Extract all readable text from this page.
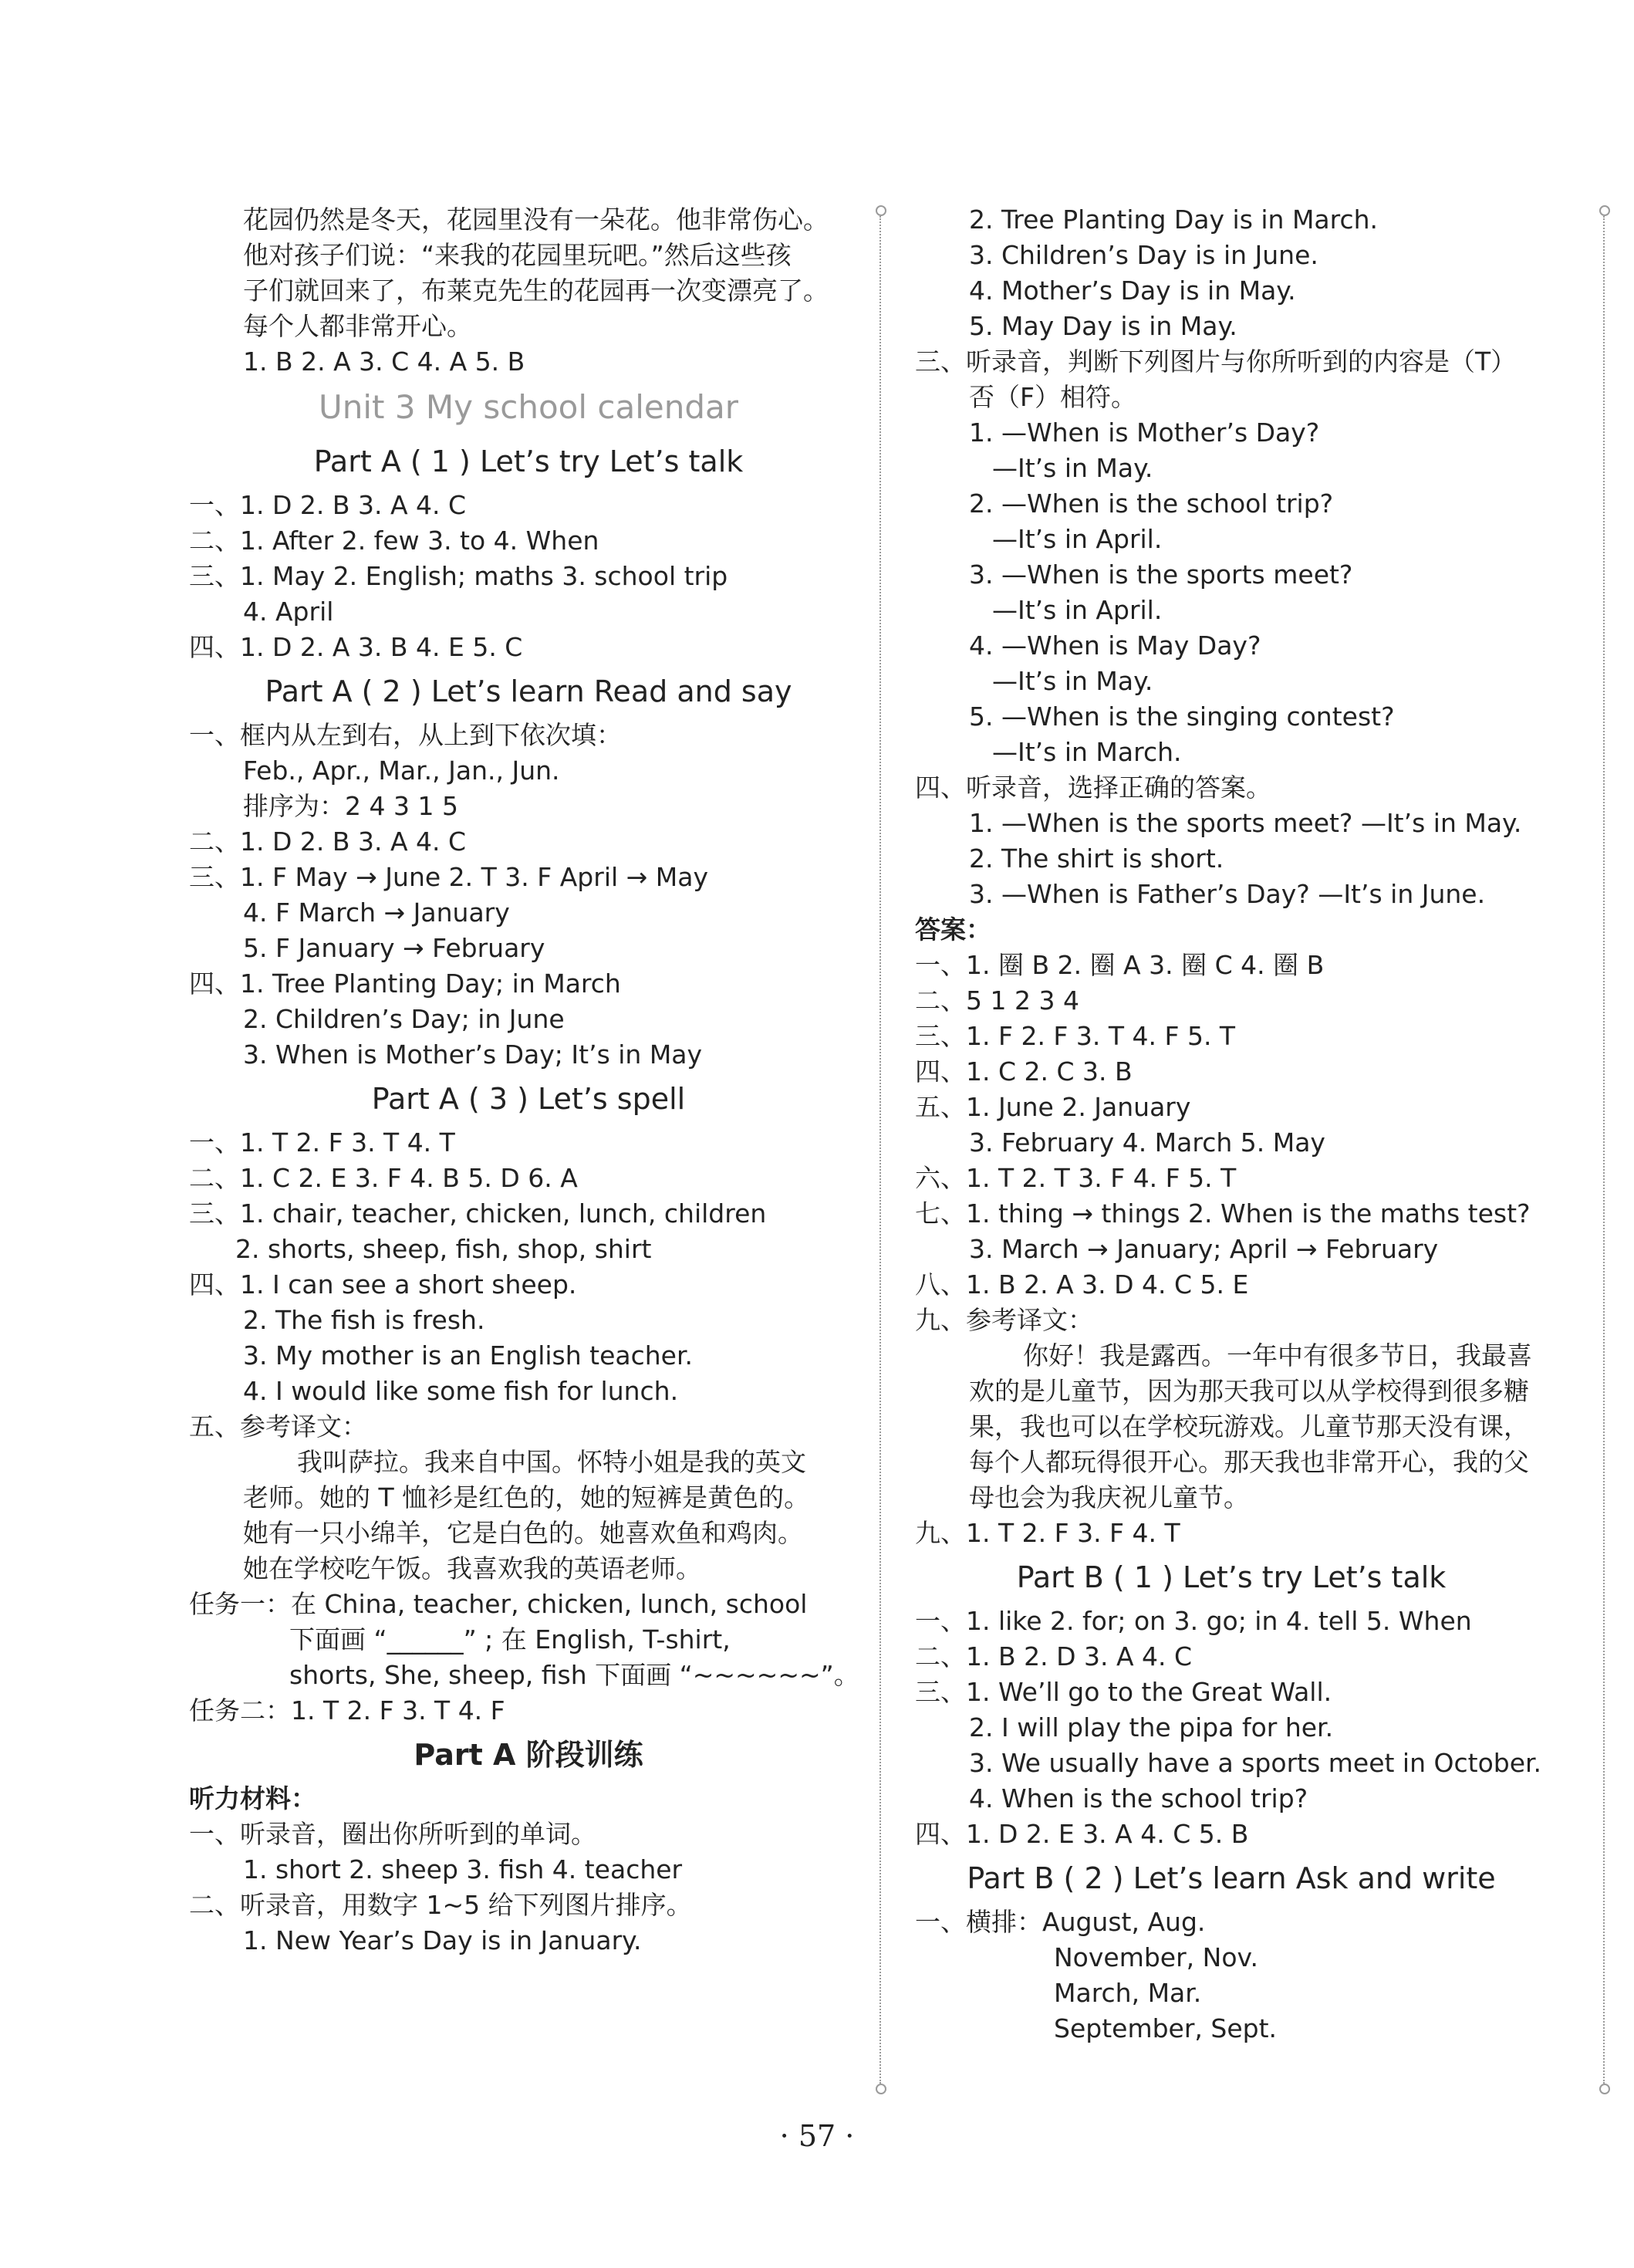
花园仍然是冬天，花园里没有一朵花。他非常伤心。
他对孩子们说：“来我的花园里玩吧。”然后这些孩
子们就回来了，布莱克先生的花园再一次变漂亮了。
每个人都非常开心。
1. B 2. A 3. C 4. A 5. B
Unit 3 My school calendar
Part A ( 1 ) Let’s try Let’s talk
一、1. D 2. B 3. A 4. C
二、1. After 2. few 3. to 4. When
三、1. May 2. English; maths 3. school trip
4. April
四、1. D 2. A 3. B 4. E 5. C
Part A ( 2 ) Let’s learn Read and say
一、框内从左到右，从上到下依次填：
Feb., Apr., Mar., Jan., Jun.
排序为：2 4 3 1 5
二、1. D 2. B 3. A 4. C
三、1. F May → June 2. T 3. F April → May
4. F March → January
5. F January → February
四、1. Tree Planting Day; in March
2. Children’s Day; in June
3. When is Mother’s Day; It’s in May
Part A ( 3 ) Let’s spell
一、1. T 2. F 3. T 4. T
二、1. C 2. E 3. F 4. B 5. D 6. A
三、1. chair, teacher, chicken, lunch, children
2. shorts, sheep, fish, shop, shirt
四、1. I can see a short sheep.
2. The fish is fresh.
3. My mother is an English teacher.
4. I would like some fish for lunch.
五、参考译文：
我叫萨拉。我来自中国。怀特小姐是我的英文
老师。她的 T 恤衫是红色的，她的短裤是黄色的。
她有一只小绵羊，它是白色的。她喜欢鱼和鸡肉。
她在学校吃午饭。我喜欢我的英语老师。
任务一：在 China, teacher, chicken, lunch, school
下面画 “______” ; 在 English, T-shirt,
shorts, She, sheep, fish 下面画 “~~~~~~”。
任务二：1. T 2. F 3. T 4. F
Part A 阶段训练
听力材料：
一、听录音，圈出你所听到的单词。
1. short 2. sheep 3. fish 4. teacher
二、听录音，用数字 1~5 给下列图片排序。
1. New Year’s Day is in January.
2. Tree Planting Day is in March.
3. Children’s Day is in June.
4. Mother’s Day is in May.
5. May Day is in May.
三、听录音，判断下列图片与你所听到的内容是（T）
否（F）相符。
1. —When is Mother’s Day?
—It’s in May.
2. —When is the school trip?
—It’s in April.
3. —When is the sports meet?
—It’s in April.
4. —When is May Day?
—It’s in May.
5. —When is the singing contest?
—It’s in March.
四、听录音，选择正确的答案。
1. —When is the sports meet? —It’s in May.
2. The shirt is short.
3. —When is Father’s Day? —It’s in June.
答案：
一、1. 圈 B 2. 圈 A 3. 圈 C 4. 圈 B
二、5 1 2 3 4
三、1. F 2. F 3. T 4. F 5. T
四、1. C 2. C 3. B
五、1. June 2. January
3. February 4. March 5. May
六、1. T 2. T 3. F 4. F 5. T
七、1. thing → things 2. When is the maths test?
3. March → January; April → February
八、1. B 2. A 3. D 4. C 5. E
九、参考译文：
你好！我是露西。一年中有很多节日，我最喜
欢的是儿童节，因为那天我可以从学校得到很多糖
果，我也可以在学校玩游戏。儿童节那天没有课，
每个人都玩得很开心。那天我也非常开心，我的父
母也会为我庆祝儿童节。
九、1. T 2. F 3. F 4. T
Part B ( 1 ) Let’s try Let’s talk
一、1. like 2. for; on 3. go; in 4. tell 5. When
二、1. B 2. D 3. A 4. C
三、1. We’ll go to the Great Wall.
2. I will play the pipa for her.
3. We usually have a sports meet in October.
4. When is the school trip?
四、1. D 2. E 3. A 4. C 5. B
Part B ( 2 ) Let’s learn Ask and write
一、横排：August, Aug.
November, Nov.
March, Mar.
September, Sept.
· 57 ·
